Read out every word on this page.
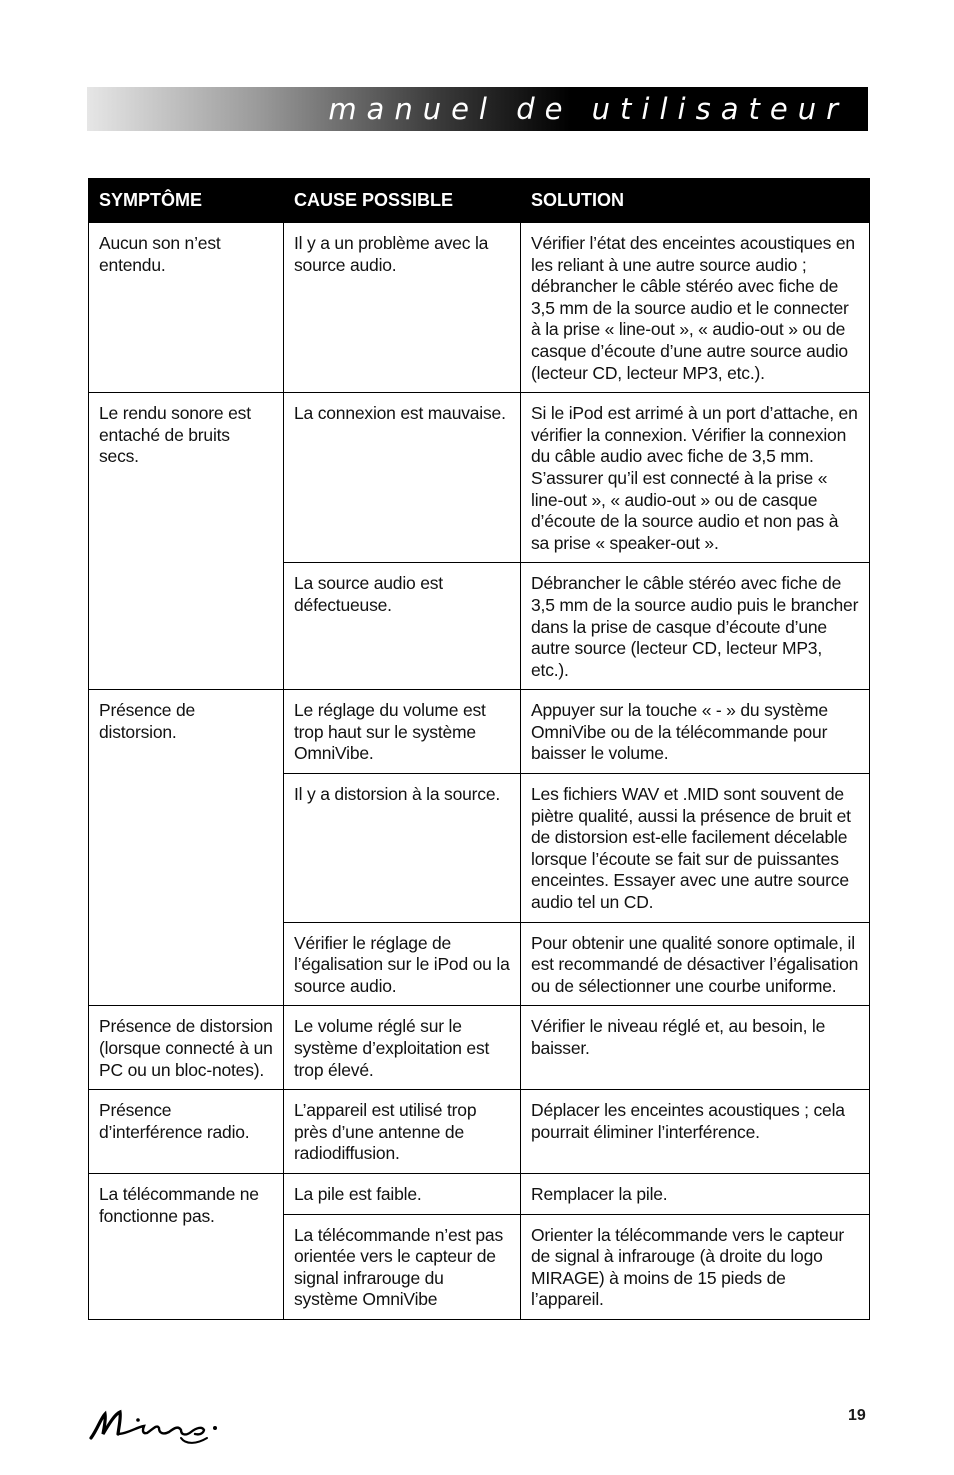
manuel de utilisateur
SYMPTÔME	CAUSE POSSIBLE	SOLUTION
Aucun son n’est entendu.	Il y a un problème avec la source audio.	Vérifier l’état des enceintes acoustiques en les reliant à une autre source audio ; débrancher le câble stéréo avec fiche de 3,5 mm de la source audio et le connecter à la prise « line-out », « audio-out » ou de casque d’écoute d’une autre source audio (lecteur CD, lecteur MP3, etc.).
Le rendu sonore est entaché de bruits secs.	La connexion est mauvaise.	Si le iPod est arrimé à un port d’attache, en vérifier la connexion. Vérifier la connexion du câble audio avec fiche de 3,5 mm. S’assurer qu’il est connecté à la prise « line-out », « audio-out » ou de casque d’écoute de la source audio et non pas à sa prise « speaker-out ».
	La source audio est défectueuse.	Débrancher le câble stéréo avec fiche de 3,5 mm de la source audio puis le brancher dans la prise de casque d’écoute d’une autre source (lecteur CD, lecteur MP3, etc.).
Présence de distorsion.	Le réglage du volume est trop haut sur le système OmniVibe.	Appuyer sur la touche « - » du système OmniVibe ou de la télécommande pour baisser le volume.
	Il y a distorsion à la source.	Les fichiers WAV et .MID sont souvent de piètre qualité, aussi la présence de bruit et de distorsion est-elle facilement décelable lorsque l’écoute se fait sur de puissantes enceintes. Essayer avec une autre source audio tel un CD.
	Vérifier le réglage de l’égalisation sur le iPod ou la source audio.	Pour obtenir une qualité sonore optimale, il est recommandé de désactiver l’égalisation ou de sélectionner une courbe uniforme.
Présence de distorsion (lorsque connecté à un PC ou un bloc-notes).	Le volume réglé sur le système d’exploitation est trop élevé.	Vérifier le niveau réglé et, au besoin, le baisser.
Présence d’interférence radio.	L’appareil est utilisé trop près d’une antenne de radiodiffusion.	Déplacer les enceintes acoustiques ; cela pourrait éliminer l’interférence.
La télécommande ne fonctionne pas.	La pile est faible.	Remplacer la pile.
	La télécommande n’est pas orientée vers le capteur de signal infrarouge du système OmniVibe	Orienter la télécommande vers le capteur de signal à infrarouge (à droite du logo MIRAGE) à moins de 15 pieds de l’appareil.
19
